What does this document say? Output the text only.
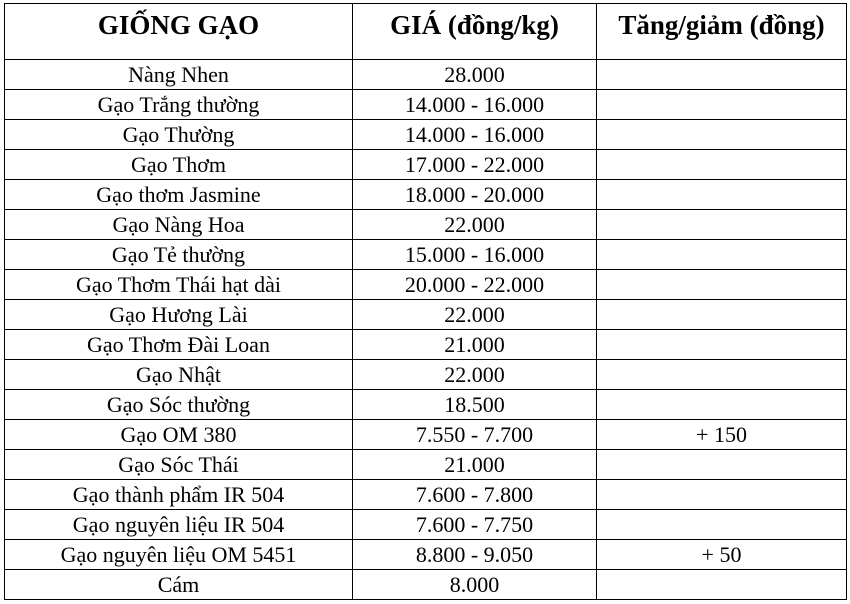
GIỐNG GẠO	GIÁ (đồng/kg)	Tăng/giảm (đồng)
Nàng Nhen	28.000	
Gạo Trắng thường	14.000 - 16.000	
Gạo Thường	14.000 - 16.000	
Gạo Thơm	17.000 - 22.000	
Gạo thơm Jasmine	18.000 - 20.000	
Gạo Nàng Hoa	22.000	
Gạo Tẻ thường	15.000 - 16.000	
Gạo Thơm Thái hạt dài	20.000 - 22.000	
Gạo Hương Lài	22.000	
Gạo Thơm Đài Loan	21.000	
Gạo Nhật	22.000	
Gạo Sóc thường	18.500	
Gạo OM 380	7.550 - 7.700	+ 150
Gạo Sóc Thái	21.000	
Gạo thành phẩm IR 504	7.600 - 7.800	
Gạo nguyên liệu IR 504	7.600 - 7.750	
Gạo nguyên liệu OM 5451	8.800 - 9.050	+ 50
Cám	8.000	
